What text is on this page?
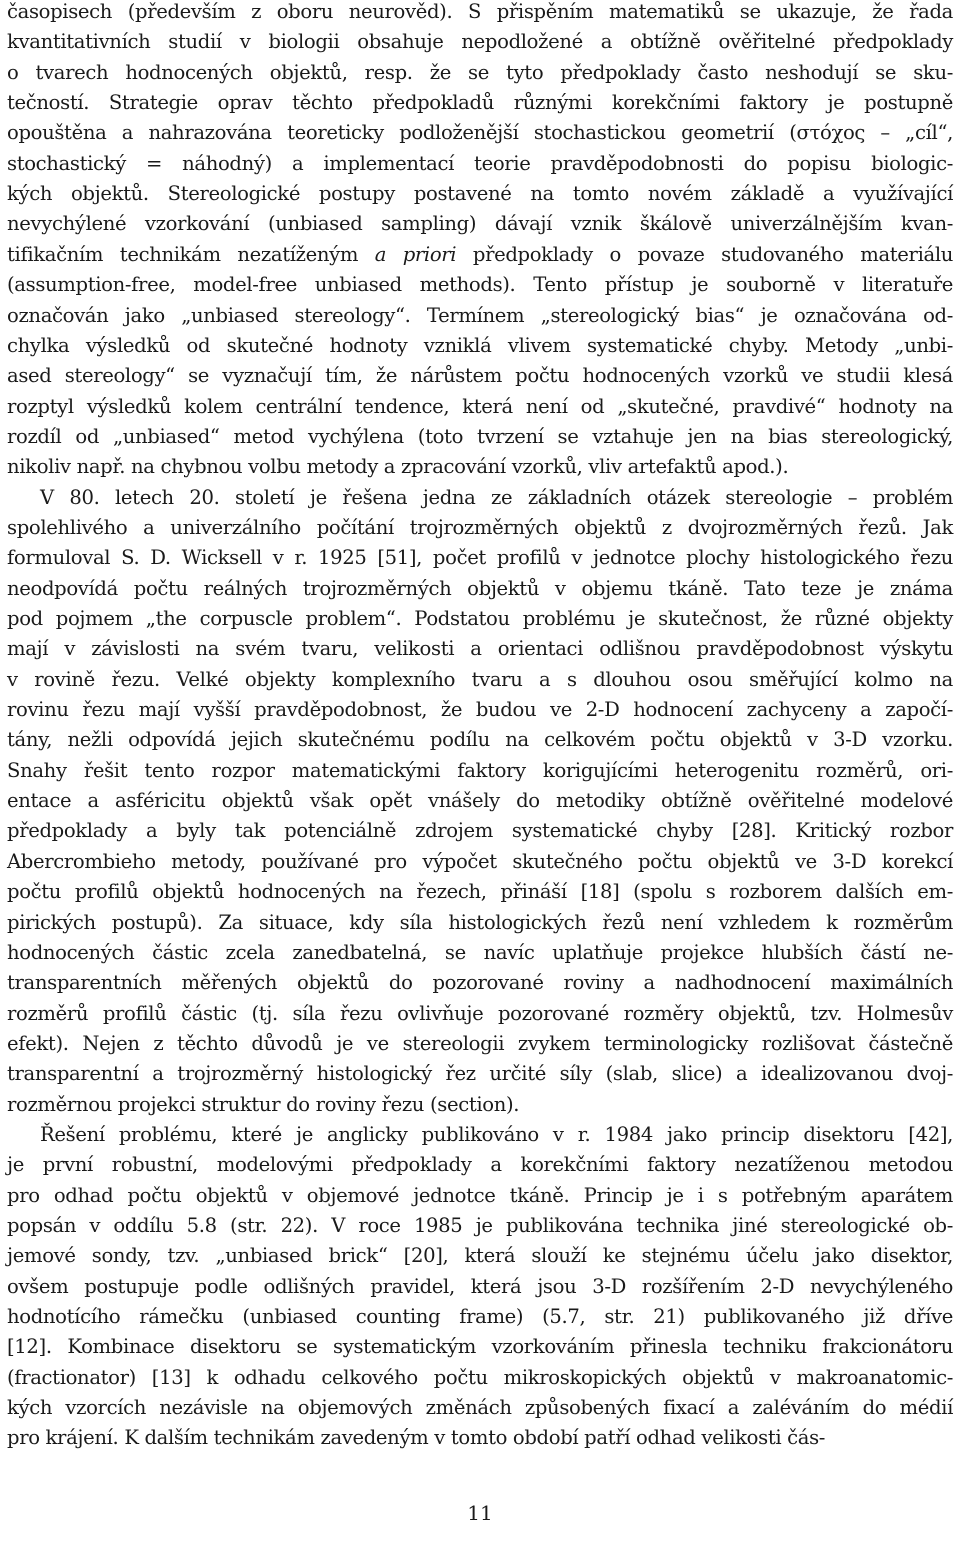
časopisech (především z oboru neurověd). S přispěním matematiků se ukazuje, že řada
kvantitativních studií v biologii obsahuje nepodložené a obtížně ověřitelné předpoklady
o tvarech hodnocených objektů, resp. že se tyto předpoklady často neshodují se sku-
tečností. Strategie oprav těchto předpokladů různými korekčními faktory je postupně
opouštěna a nahrazována teoreticky podloženější stochastickou geometrií (στόχος – „cíl“,
stochastický = náhodný) a implementací teorie pravděpodobnosti do popisu biologic-
kých objektů. Stereologické postupy postavené na tomto novém základě a využívající
nevychýlené vzorkování (unbiased sampling) dávají vznik škálově univerzálnějším kvan-
tifikačním technikám nezatíženým a priori předpoklady o povaze studovaného materiálu
(assumption-free, model-free unbiased methods). Tento přístup je souborně v literatuře
označován jako „unbiased stereology“. Termínem „stereologický bias“ je označována od-
chylka výsledků od skutečné hodnoty vzniklá vlivem systematické chyby. Metody „unbi-
ased stereology“ se vyznačují tím, že nárůstem počtu hodnocených vzorků ve studii klesá
rozptyl výsledků kolem centrální tendence, která není od „skutečné, pravdivé“ hodnoty na
rozdíl od „unbiased“ metod vychýlena (toto tvrzení se vztahuje jen na bias stereologický,
nikoliv např. na chybnou volbu metody a zpracování vzorků, vliv artefaktů apod.).
V 80. letech 20. století je řešena jedna ze základních otázek stereologie – problém
spolehlivého a univerzálního počítání trojrozměrných objektů z dvojrozměrných řezů. Jak
formuloval S. D. Wicksell v r. 1925 [51], počet profilů v jednotce plochy histologického řezu
neodpovídá počtu reálných trojrozměrných objektů v objemu tkáně. Tato teze je známa
pod pojmem „the corpuscle problem“. Podstatou problému je skutečnost, že různé objekty
mají v závislosti na svém tvaru, velikosti a orientaci odlišnou pravděpodobnost výskytu
v rovině řezu. Velké objekty komplexního tvaru a s dlouhou osou směřující kolmo na
rovinu řezu mají vyšší pravděpodobnost, že budou ve 2-D hodnocení zachyceny a započí-
tány, nežli odpovídá jejich skutečnému podílu na celkovém počtu objektů v 3-D vzorku.
Snahy řešit tento rozpor matematickými faktory korigujícími heterogenitu rozměrů, ori-
entace a asféricitu objektů však opět vnášely do metodiky obtížně ověřitelné modelové
předpoklady a byly tak potenciálně zdrojem systematické chyby [28]. Kritický rozbor
Abercrombieho metody, používané pro výpočet skutečného počtu objektů ve 3-D korekcí
počtu profilů objektů hodnocených na řezech, přináší [18] (spolu s rozborem dalších em-
pirických postupů). Za situace, kdy síla histologických řezů není vzhledem k rozměrům
hodnocených částic zcela zanedbatelná, se navíc uplatňuje projekce hlubších částí ne-
transparentních měřených objektů do pozorované roviny a nadhodnocení maximálních
rozměrů profilů částic (tj. síla řezu ovlivňuje pozorované rozměry objektů, tzv. Holmesův
efekt). Nejen z těchto důvodů je ve stereologii zvykem terminologicky rozlišovat částečně
transparentní a trojrozměrný histologický řez určité síly (slab, slice) a idealizovanou dvoj-
rozměrnou projekci struktur do roviny řezu (section).
Řešení problému, které je anglicky publikováno v r. 1984 jako princip disektoru [42],
je první robustní, modelovými předpoklady a korekčními faktory nezatíženou metodou
pro odhad počtu objektů v objemové jednotce tkáně. Princip je i s potřebným aparátem
popsán v oddílu 5.8 (str. 22). V roce 1985 je publikována technika jiné stereologické ob-
jemové sondy, tzv. „unbiased brick“ [20], která slouží ke stejnému účelu jako disektor,
ovšem postupuje podle odlišných pravidel, která jsou 3-D rozšířením 2-D nevychýleného
hodnotícího rámečku (unbiased counting frame) (5.7, str. 21) publikovaného již dříve
[12]. Kombinace disektoru se systematickým vzorkováním přinesla techniku frakcionátoru
(fractionator) [13] k odhadu celkového počtu mikroskopických objektů v makroanatomic-
kých vzorcích nezávisle na objemových změnách způsobených fixací a zaléváním do médií
pro krájení. K dalším technikám zavedeným v tomto období patří odhad velikosti čás-
11
